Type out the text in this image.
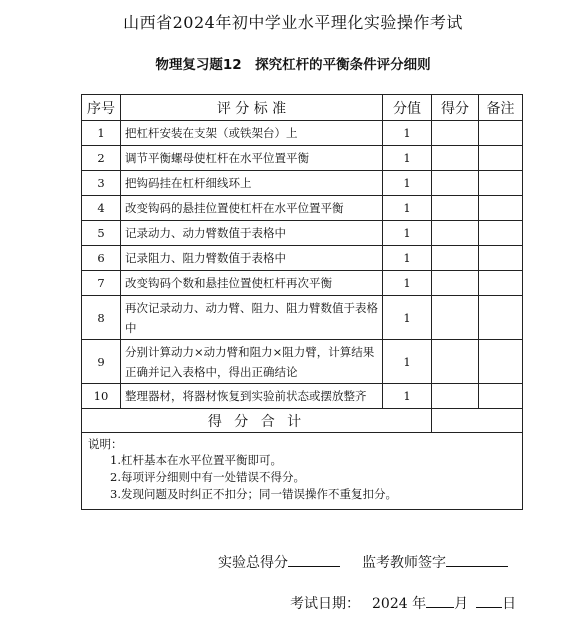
山西省2024年初中学业水平理化实验操作考试
物理复习题12　探究杠杆的平衡条件评分细则
序号	评 分 标 准	分值	得分	备注
1	把杠杆安装在支架（或铁架台）上	1		
2	调节平衡螺母使杠杆在水平位置平衡	1		
3	把钩码挂在杠杆细线环上	1		
4	改变钩码的悬挂位置使杠杆在水平位置平衡	1		
5	记录动力、动力臂数值于表格中	1		
6	记录阻力、阻力臂数值于表格中	1		
7	改变钩码个数和悬挂位置使杠杆再次平衡	1		
8	再次记录动力、动力臂、阻力、阻力臂数值于表格中	1		
9	分别计算动力×动力臂和阻力×阻力臂，计算结果正确并记入表格中，得出正确结论	1		
10	整理器材，将器材恢复到实验前状态或摆放整齐	1		
得 分 合 计				

说明：
1.杠杆基本在水平位置平衡即可。
2.每项评分细则中有一处错误不得分。
3.发现问题及时纠正不扣分；同一错误操作不重复扣分。				
实验总得分	监考教师签字
考试日期： 2024 年 月 日
